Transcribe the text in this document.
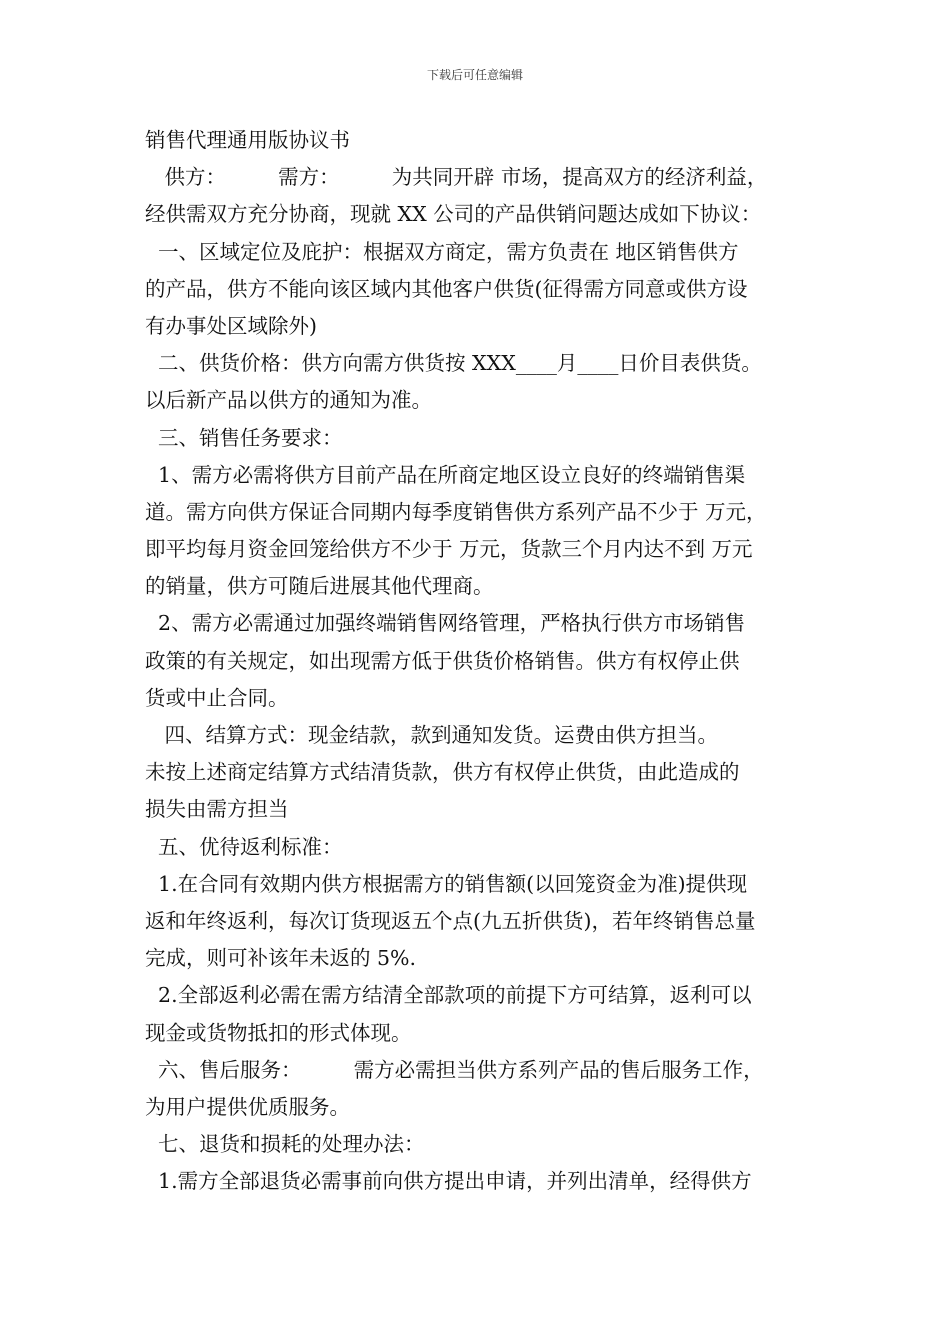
下载后可任意编辑
销售代理通用版协议书
供方：        需方：        为共同开辟 市场，提高双方的经济利益，
经供需双方充分协商，现就 XX 公司的产品供销问题达成如下协议：
一、区域定位及庇护：根据双方商定，需方负责在 地区销售供方
的产品，供方不能向该区域内其他客户供货(征得需方同意或供方设
有办事处区域除外)
二、供货价格：供方向需方供货按 XXX____月____日价目表供货。
以后新产品以供方的通知为准。
三、销售任务要求：
1、需方必需将供方目前产品在所商定地区设立良好的终端销售渠
道。需方向供方保证合同期内每季度销售供方系列产品不少于 万元，
即平均每月资金回笼给供方不少于 万元，货款三个月内达不到 万元
的销量，供方可随后进展其他代理商。
2、需方必需通过加强终端销售网络管理，严格执行供方市场销售
政策的有关规定，如出现需方低于供货价格销售。供方有权停止供
货或中止合同。
四、结算方式：现金结款，款到通知发货。运费由供方担当。
未按上述商定结算方式结清货款，供方有权停止供货，由此造成的
损失由需方担当
五、优待返利标准：
1.在合同有效期内供方根据需方的销售额(以回笼资金为准)提供现
返和年终返利，每次订货现返五个点(九五折供货)，若年终销售总量
完成，则可补该年未返的 5%.
2.全部返利必需在需方结清全部款项的前提下方可结算，返利可以
现金或货物抵扣的形式体现。
六、售后服务：        需方必需担当供方系列产品的售后服务工作，
为用户提供优质服务。
七、退货和损耗的处理办法：
1.需方全部退货必需事前向供方提出申请，并列出清单，经得供方
